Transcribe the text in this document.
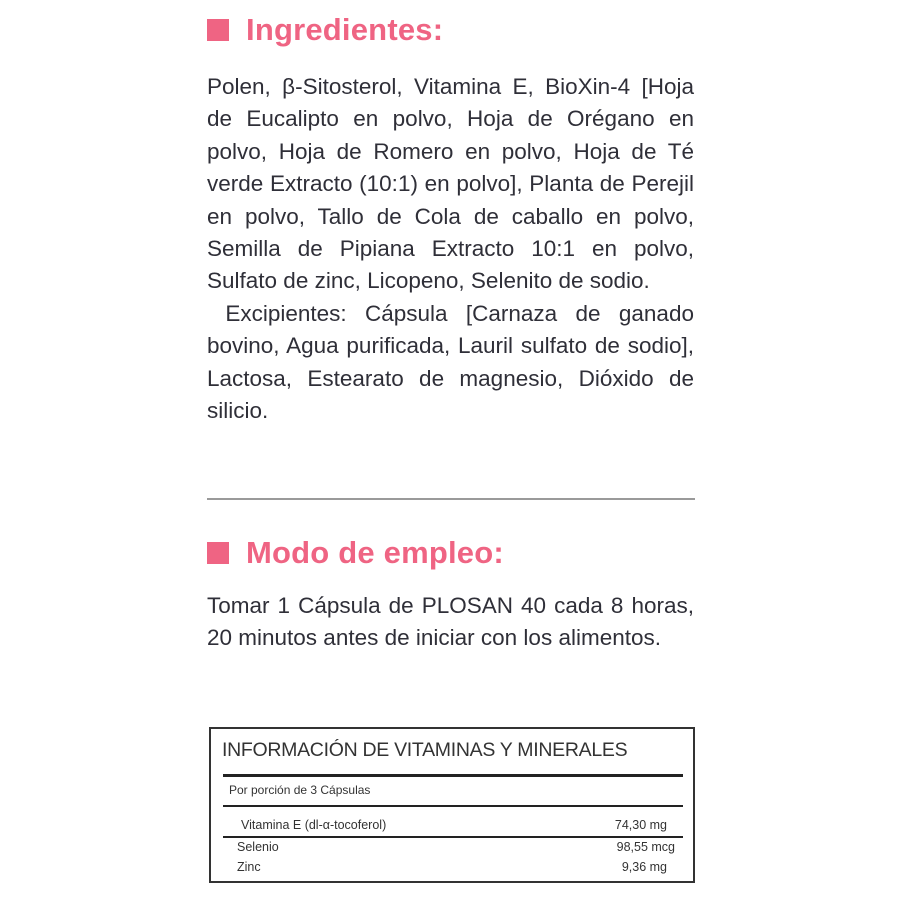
Ingredientes:

Polen, β-Sitosterol, Vitamina E, BioXin-4 [Hoja de Eucalipto en polvo, Hoja de Orégano en polvo, Hoja de Romero en polvo, Hoja de Té verde Extracto (10:1) en polvo], Planta de Perejil en polvo, Tallo de Cola de caballo en polvo, Semilla de Pipiana Extracto 10:1 en polvo, Sulfato de zinc, Licopeno, Selenito de sodio.

Excipientes: Cápsula [Carnaza de ganado bovino, Agua purificada, Lauril sulfato de sodio], Lactosa, Estearato de magnesio, Dióxido de silicio.

Modo de empleo:

Tomar 1 Cápsula de PLOSAN 40 cada 8 horas, 20 minutos antes de iniciar con los alimentos.

INFORMACIÓN DE VITAMINAS Y MINERALES
Por porción de 3 Cápsulas
Vitamina E (dl-α-tocoferol)	74,30 mg
Selenio	98,55 mcg
Zinc	9,36 mg
